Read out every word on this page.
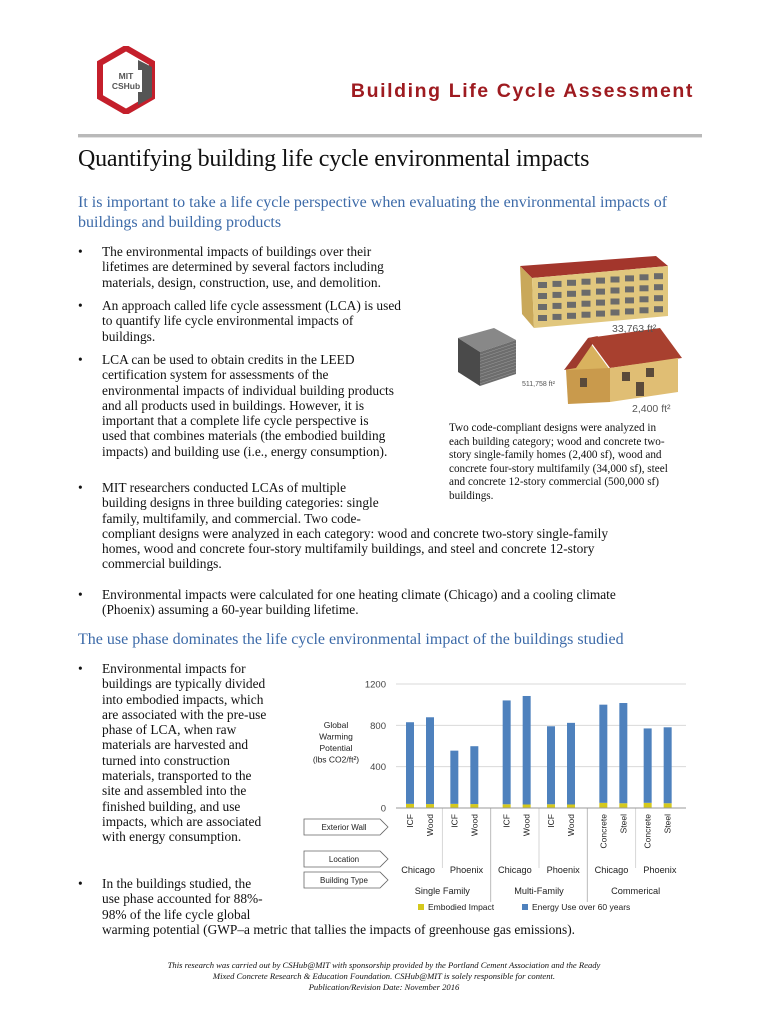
MIT
CSHub	Building Life Cycle Assessment
Quantifying building life cycle environmental impacts
It is important to take a life cycle perspective when evaluating the environmental impacts of buildings and building products
• The environmental impacts of buildings over their
lifetimes are determined by several factors including
materials, design, construction, use, and demolition.
• An approach called life cycle assessment (LCA) is used
to quantify life cycle environmental impacts of
buildings.
• LCA can be used to obtain credits in the LEED
certification system for assessments of the
environmental impacts of individual building products
and all products used in buildings. However, it is
important that a complete life cycle perspective is
used that combines materials (the embodied building
impacts) and building use (i.e., energy consumption).
• MIT researchers conducted LCAs of multiple
building designs in three building categories: single
family, multifamily, and commercial. Two code-
compliant designs were analyzed in each category: wood and concrete two-story single-family
homes, wood and concrete four-story multifamily buildings, and steel and concrete 12-story
commercial buildings.
• Environmental impacts were calculated for one heating climate (Chicago) and a cooling climate
(Phoenix) assuming a 60-year building lifetime.
33,763 ft²
511,758 ft²
2,400 ft²
Two code-compliant designs were analyzed in
each building category; wood and concrete two-
story single-family homes (2,400 sf), wood and
concrete four-story multifamily (34,000 sf), steel
and concrete 12-story commercial (500,000 sf)
buildings.
The use phase dominates the life cycle environmental impact of the buildings studied
• Environmental impacts for
buildings are typically divided
into embodied impacts, which
are associated with the pre-use
phase of LCA, when raw
materials are harvested and
turned into construction
materials, transported to the
site and assembled into the
finished building, and use
impacts, which are associated
with energy consumption.
• In the buildings studied, the
use phase accounted for 88%-
98% of the life cycle global
warming potential (GWP–a metric that tallies the impacts of greenhouse gas emissions).
0
400
800
1200
Global
Warming
Potential
(lbs CO2/ft²)
ICF Wood ICF Wood	ICF Wood ICF Wood	Concrete Steel Concrete Steel
Chicago Phoenix Chicago Phoenix Chicago Phoenix
Single Family	Multi-Family	Commerical
Exterior Wall
Location
Building Type
Embodied Impact	Energy Use over 60 years
This research was carried out by CSHub@MIT with sponsorship provided by the Portland Cement Association and the Ready
Mixed Concrete Research & Education Foundation. CSHub@MIT is solely responsible for content.
Publication/Revision Date: November 2016
